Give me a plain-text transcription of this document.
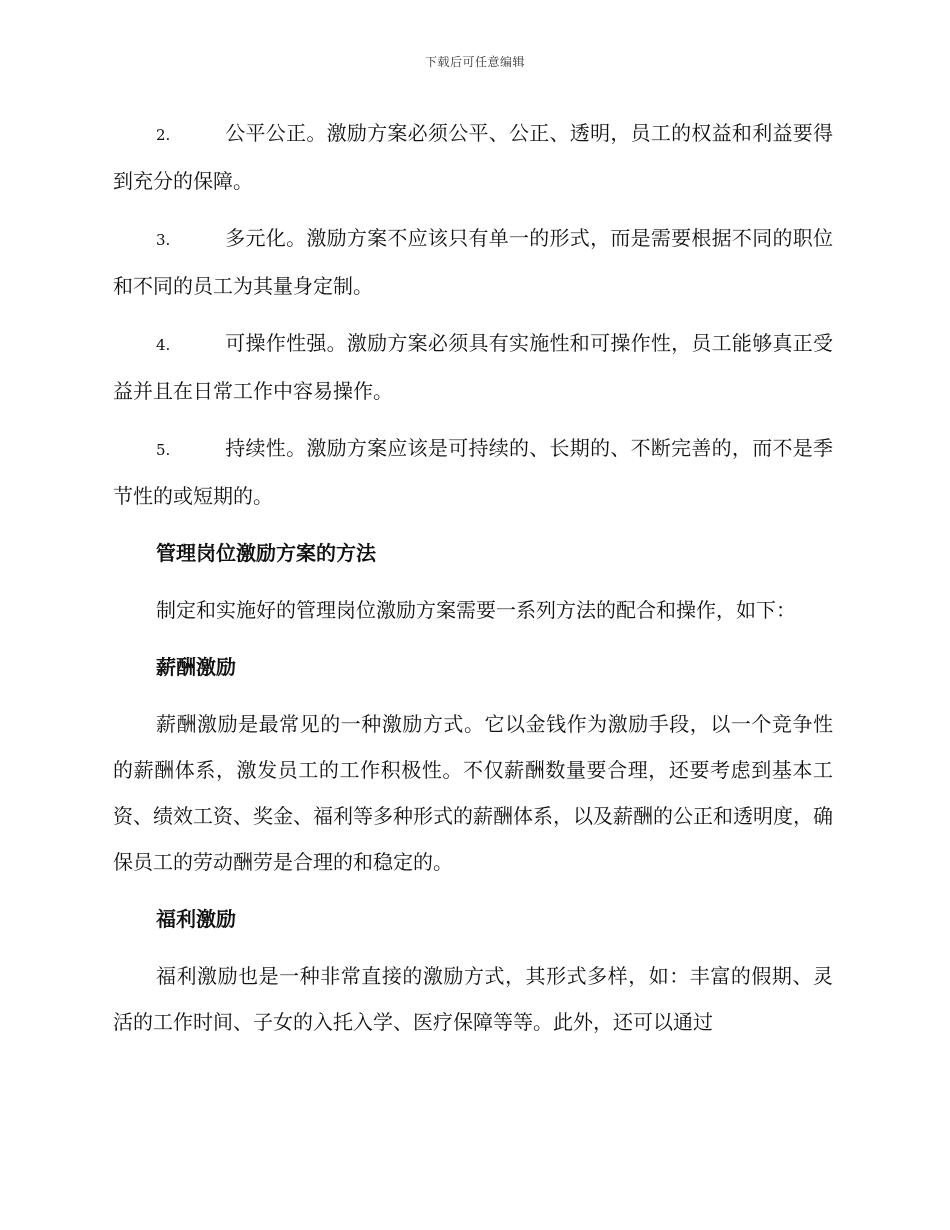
下载后可任意编辑
2.	公平公正。激励方案必须公平、公正、透明，员工的权益和利益要得到充分的保障。
3.	多元化。激励方案不应该只有单一的形式，而是需要根据不同的职位和不同的员工为其量身定制。
4.	可操作性强。激励方案必须具有实施性和可操作性，员工能够真正受益并且在日常工作中容易操作。
5.	持续性。激励方案应该是可持续的、长期的、不断完善的，而不是季节性的或短期的。
管理岗位激励方案的方法

制定和实施好的管理岗位激励方案需要一系列方法的配合和操作，如下：

薪酬激励

薪酬激励是最常见的一种激励方式。它以金钱作为激励手段，以一个竞争性的薪酬体系，激发员工的工作积极性。不仅薪酬数量要合理，还要考虑到基本工资、绩效工资、奖金、福利等多种形式的薪酬体系，以及薪酬的公正和透明度，确保员工的劳动酬劳是合理的和稳定的。

福利激励

福利激励也是一种非常直接的激励方式，其形式多样，如：丰富的假期、灵活的工作时间、子女的入托入学、医疗保障等等。此外，还可以通过
